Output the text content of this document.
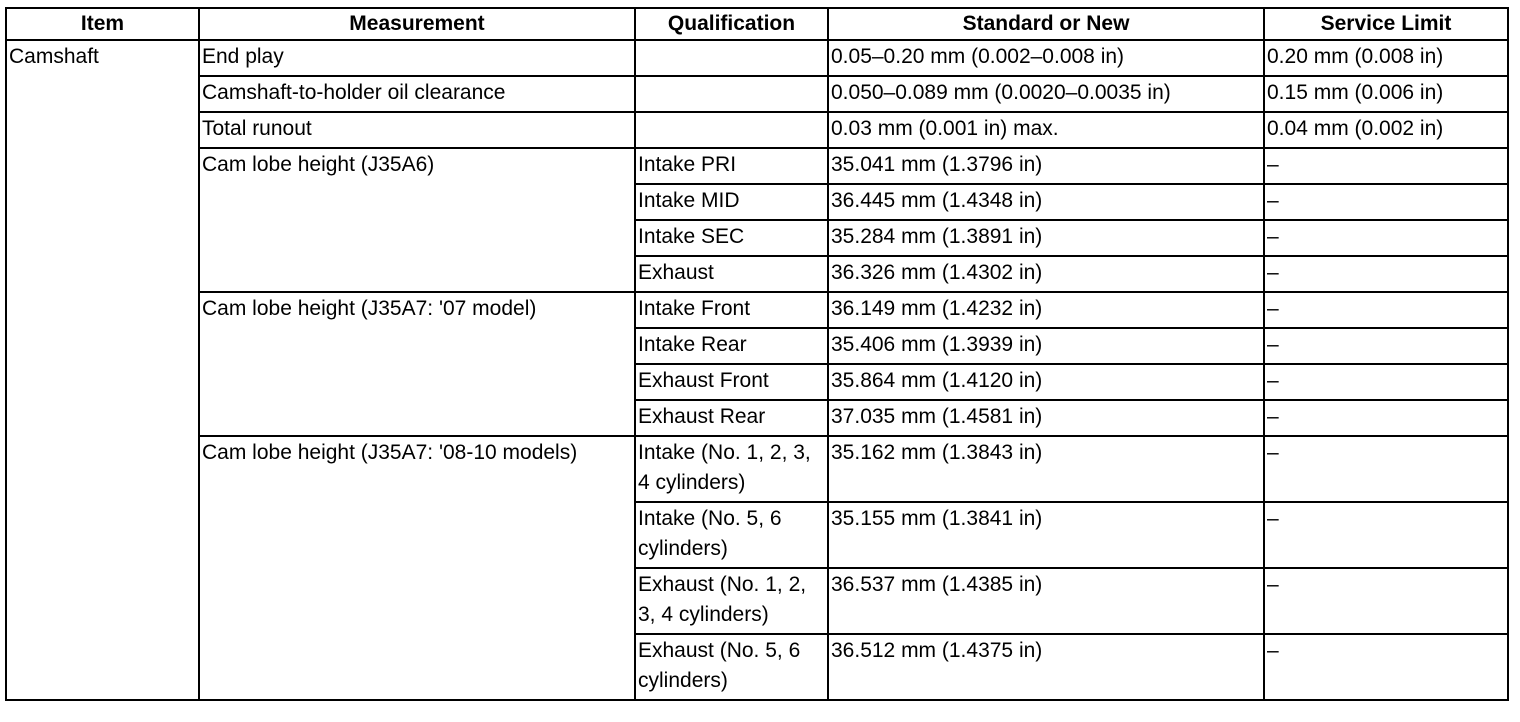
Item	Measurement	Qualification	Standard or New	Service Limit
Camshaft	End play		0.05–0.20 mm (0.002–0.008 in)	0.20 mm (0.008 in)
	Camshaft-to-holder oil clearance		0.050–0.089 mm (0.0020–0.0035 in)	0.15 mm (0.006 in)
	Total runout		0.03 mm (0.001 in) max.	0.04 mm (0.002 in)
	Cam lobe height (J35A6)	Intake PRI	35.041 mm (1.3796 in)	–
		Intake MID	36.445 mm (1.4348 in)	–
		Intake SEC	35.284 mm (1.3891 in)	–
		Exhaust	36.326 mm (1.4302 in)	–
	Cam lobe height (J35A7: '07 model)	Intake Front	36.149 mm (1.4232 in)	–
		Intake Rear	35.406 mm (1.3939 in)	–
		Exhaust Front	35.864 mm (1.4120 in)	–
		Exhaust Rear	37.035 mm (1.4581 in)	–
	Cam lobe height (J35A7: '08-10 models)	Intake (No. 1, 2, 3, 4 cylinders)	35.162 mm (1.3843 in)	–
		Intake (No. 5, 6 cylinders)	35.155 mm (1.3841 in)	–
		Exhaust (No. 1, 2, 3, 4 cylinders)	36.537 mm (1.4385 in)	–
		Exhaust (No. 5, 6 cylinders)	36.512 mm (1.4375 in)	–
